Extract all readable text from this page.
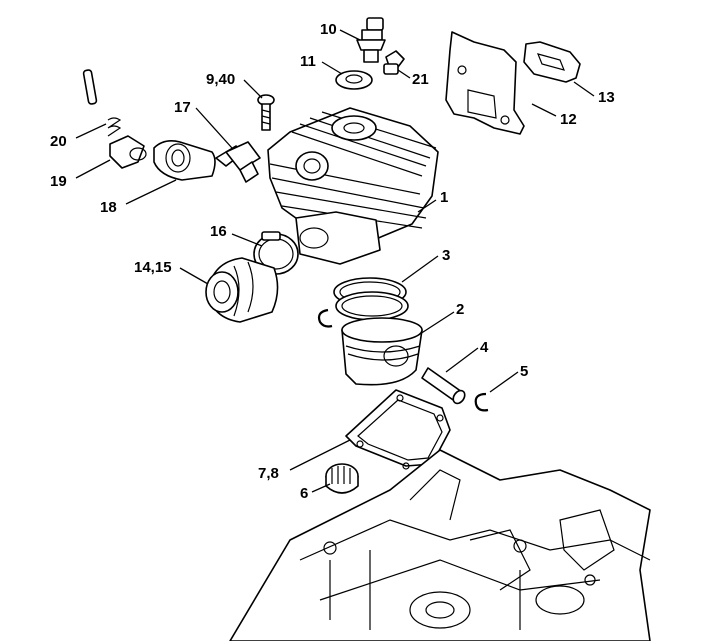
10
11
21
9,40
17
20
19
18
13
12
1
16
14,15
3
2
4
5
7,8
6
